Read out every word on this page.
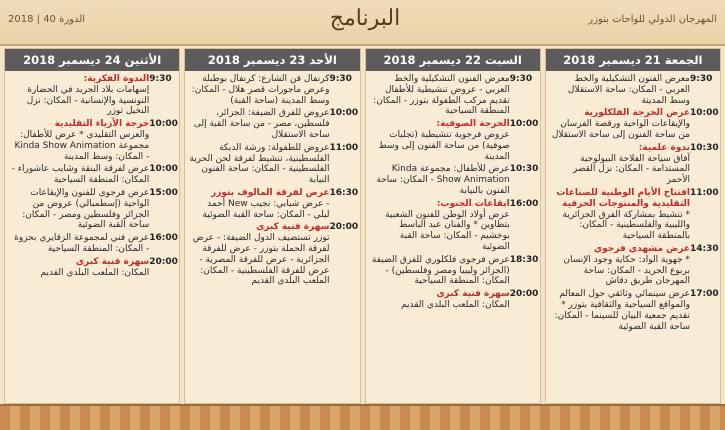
الدورة 40 | 2018	البرنامج	المهرجان الدولي للواحات بتوزر
الأثنين 24 ديسمبر 2018
9:30
الندوة الفكرية:
إسهامات بلاد الجريد في الحضارة التونسية والإنسانية - المكان: نزل النخيل توزر
10:00
خرجة الأزياء التقليدية
والعرس التقليدي * عرض للأطفال: مجموعة Kinda Show Animation - المكان: وسط المدينة
10:00
عرض لفرقة البنقة وشايب عاشوراء - المكان: المنطقة السياحية
15:00
عرض فرجوي للفنون والإيقاعات الواحية (إسطمبالي) عروض من الجزائر وفلسطين ومصر - المكان: ساحة القبة الضوئية
16:00
عرض فني لمجموعة الزقايري بحزوة - المكان: المنطقة السياحية
20:00
سهرة فنية كبرى
المكان: الملعب البلدي القديم
الأحد 23 ديسمبر 2018
9:30
كرنفال فن الشارع: كرنفال بوطبلة وعرض ماجورات قصر هلال - المكان: وسط المدينة (ساحة القبة)
10:00
عروض للفرق الضيفة: الجزائر، فلسطين، مصر - من ساحة القبة إلى ساحة الاستقلال
11:00
عروض للطفولة: ورشة الدبكة الفلسطينية، تنشيط لفرقة لحن الحرية الفلسطينية - المكان: ساحة الفنون النيابة
16:30
عرض لفرقة المالوف بتوزر
- عرض شبابي: نجيب New أحمد ليلي - المكان: ساحة القبة الضوئية
20:00
سهرة فنية كبرى
توزر تستضيف الدول الضيفة: - عرض لفرقة الحملة بتوزر - عرض للفرقة الجزائرية - عرض للفرقة المصرية - عرض للفرقة الفلسطينية - المكان: الملعب البلدي القديم
السبت 22 ديسمبر 2018
9:30
معرض الفنون التشكيلية والخط العربي - عروض تنشيطية للأطفال تقديم مركب الطفولة بتوزر - المكان: المنطقة السياحية
10:00
الخرجة الصوفية:
عروض فرجوية تنشيطية (تجليات صوفية) من ساحة الفنون إلى وسط المدينة
10:30
عرض للأطفال: مجموعة Kinda Show Animation - المكان: ساحة الفنون بالنيابة
16:00
ابقاعات الجنوب:
عرض أولاد الوطن للفنون الشعبية بتطاوين * والفنان عبد الباسط بوخشيم - المكان: ساحة القبة الضوئية
18:30
عرض فرجوي فلكلوري للفرق الضيفة (الجزائر وليبيا ومصر وفلسطين) - المكان: المنطقة السياحية
20:00
سهرة فنية كبرى
المكان: الملعب البلدي القديم
الجمعة 21 ديسمبر 2018
9:30
معرض الفنون التشكيلية والخط العربي - المكان: ساحة الاستقلال وسط المدينة
10:00
عرض الخرجة الفلكلورية
والإيقاعات الواحية ورقصة الفرسان من ساحة الفنون إلى ساحة الاستقلال
10:30
ندوة علمية:
آفاق سياحة الفلاحة البيولوجية المستدامة - المكان: نزل القصر الأحمر
11:00
افتتاح الأيام الوطنية للصناعات التقليدية والمنتوجات الحرفية
* تنشيط بمشاركة الفرق الجزائرية والليبية والفلسطينية - المكان: بالمنطقة السياحية
14:30
عرض مشهدي فرجوي
* جهوية الواد: حكاية وجود الإنسان بربوع الجريد - المكان: ساحة المهرجان طريق دقاش
17:00
عرض سينمائي وثائقي حول المعالم والمواقع السياحية والثقافية بتوزر * تقديم جمعية البيان للسينما - المكان: ساحة القبة الضوئية
